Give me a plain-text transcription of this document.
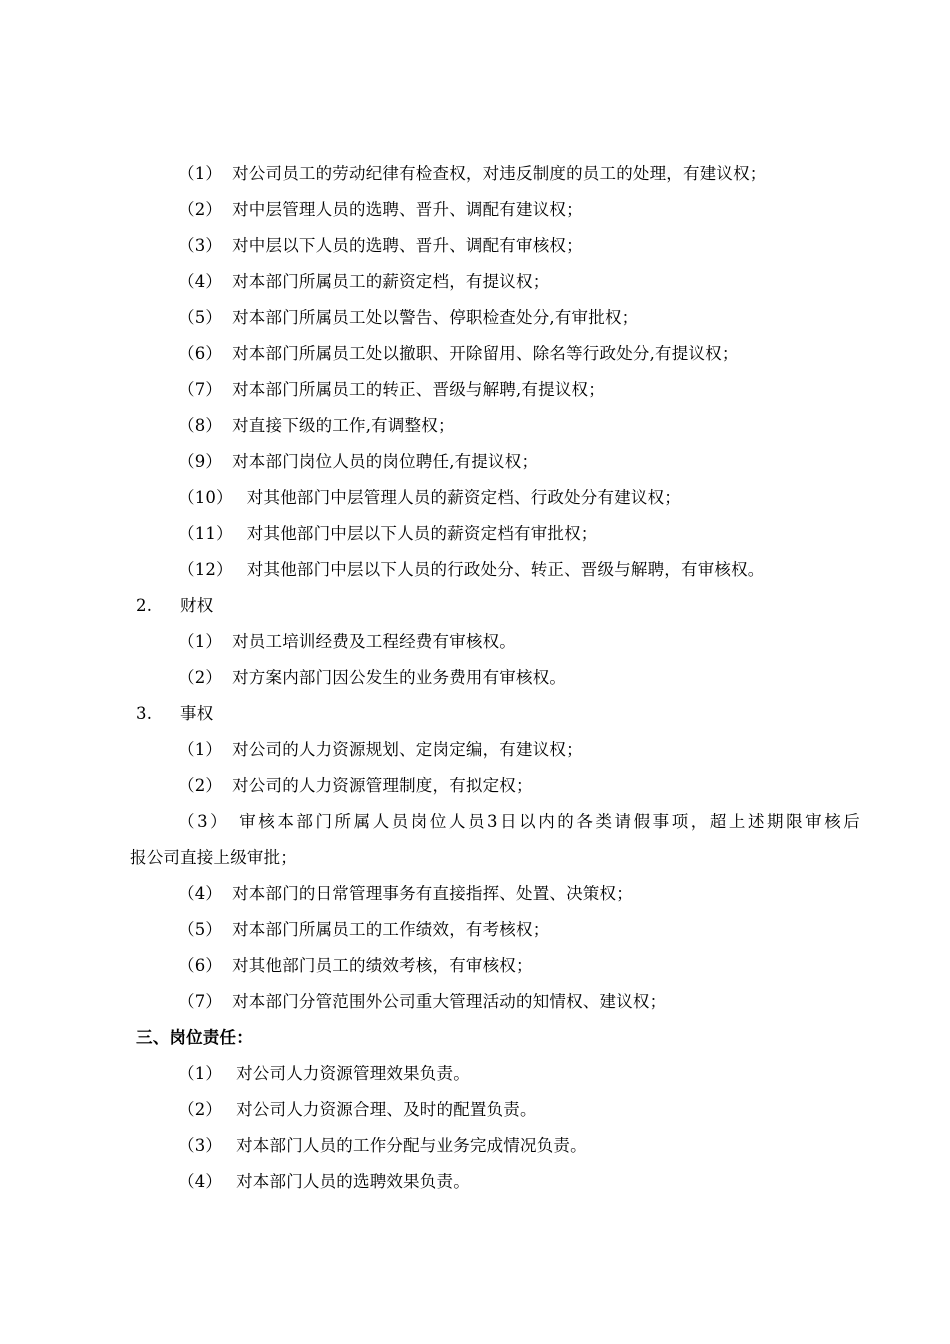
（1） 对公司员工的劳动纪律有检查权，对违反制度的员工的处理，有建议权；
（2） 对中层管理人员的选聘、晋升、调配有建议权；
（3） 对中层以下人员的选聘、晋升、调配有审核权；
（4） 对本部门所属员工的薪资定档，有提议权；
（5） 对本部门所属员工处以警告、停职检查处分,有审批权；
（6） 对本部门所属员工处以撤职、开除留用、除名等行政处分,有提议权；
（7） 对本部门所属员工的转正、晋级与解聘,有提议权；
（8） 对直接下级的工作,有调整权；
（9） 对本部门岗位人员的岗位聘任,有提议权；
（10） 对其他部门中层管理人员的薪资定档、行政处分有建议权；
（11） 对其他部门中层以下人员的薪资定档有审批权；
（12） 对其他部门中层以下人员的行政处分、转正、晋级与解聘，有审核权。
2. 财权
（1） 对员工培训经费及工程经费有审核权。
（2） 对方案内部门因公发生的业务费用有审核权。
3. 事权
（1） 对公司的人力资源规划、定岗定编，有建议权；
（2） 对公司的人力资源管理制度，有拟定权；
（3） 审核本部门所属人员岗位人员3日以内的各类请假事项，超上述期限审核后
报公司直接上级审批；
（4） 对本部门的日常管理事务有直接指挥、处置、决策权；
（5） 对本部门所属员工的工作绩效，有考核权；
（6） 对其他部门员工的绩效考核，有审核权；
（7） 对本部门分管范围外公司重大管理活动的知情权、建议权；
三、岗位责任：
（1） 对公司人力资源管理效果负责。
（2） 对公司人力资源合理、及时的配置负责。
（3） 对本部门人员的工作分配与业务完成情况负责。
（4） 对本部门人员的选聘效果负责。
